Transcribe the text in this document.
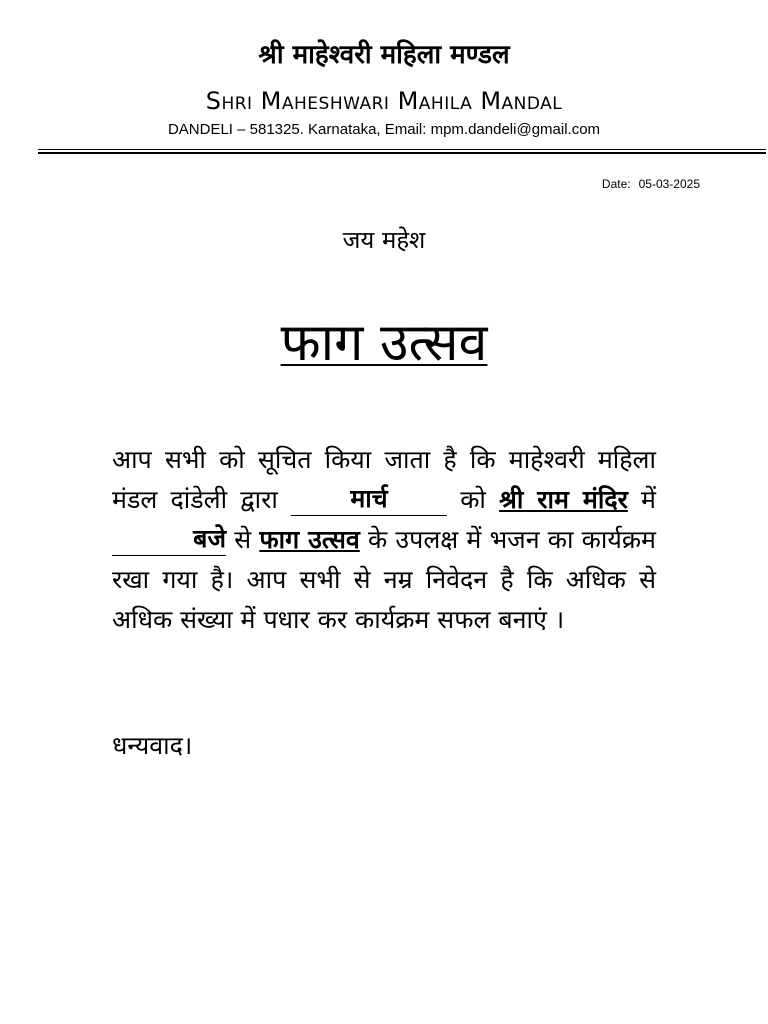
श्री माहेश्वरी महिला मण्डल
Shri Maheshwari Mahila Mandal
DANDELI – 581325. Karnataka, Email: mpm.dandeli@gmail.com
Date: 05-03-2025
जय महेश
फाग उत्सव
आप सभी को सूचित किया जाता है कि माहेश्वरी महिला मंडल दांडेली द्वारा मार्च को श्री राम मंदिर में बजे से फाग उत्सव के उपलक्ष में भजन का कार्यक्रम रखा गया है। आप सभी से नम्र निवेदन है कि अधिक से अधिक संख्या में पधार कर कार्यक्रम सफल बनाएं ।
धन्यवाद।
